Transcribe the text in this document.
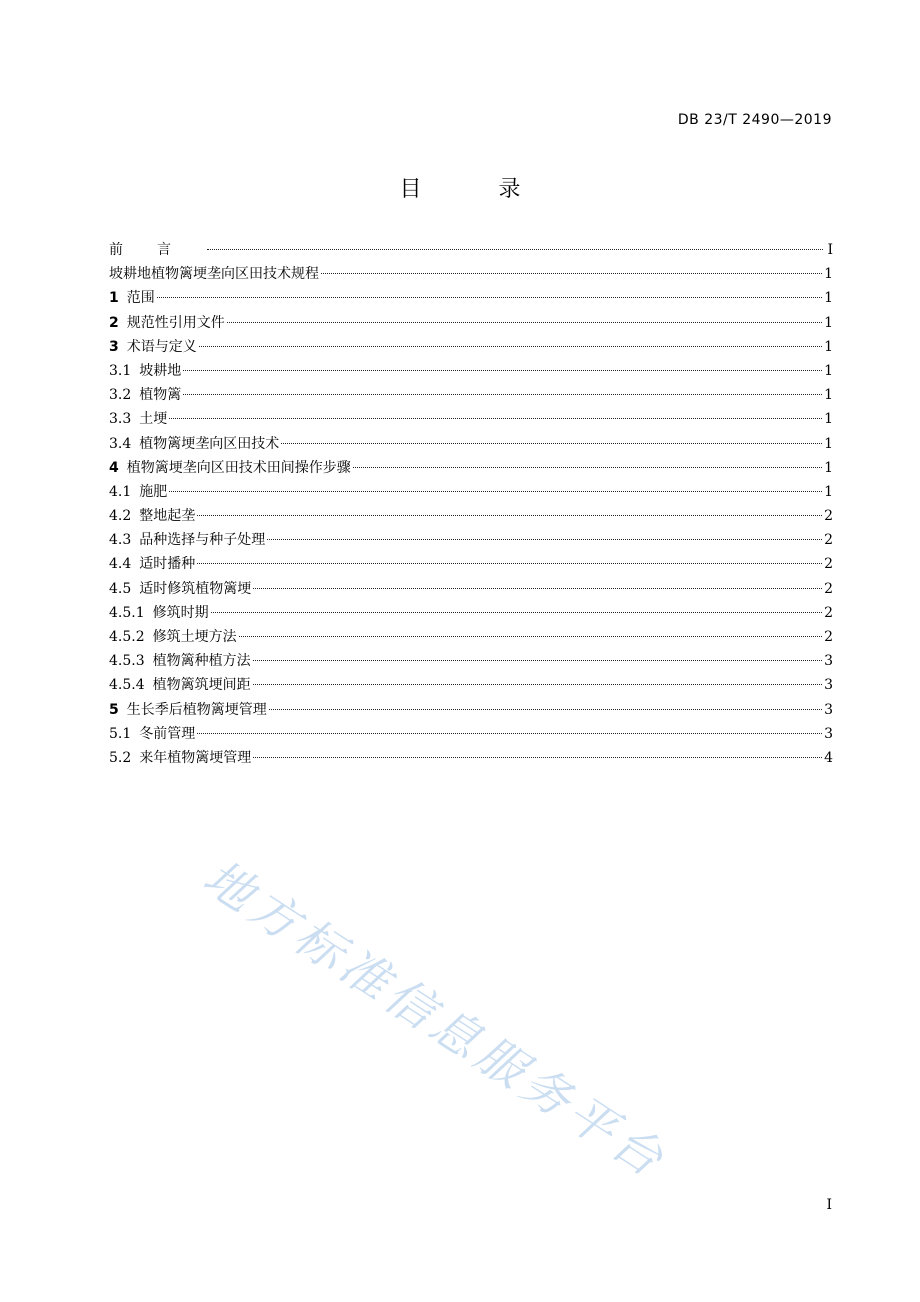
DB 23/T 2490—2019
目 录
前言	I
坡耕地植物篱埂垄向区田技术规程	1
1 范围	1
2 规范性引用文件	1
3 术语与定义	1
3.1 坡耕地	1
3.2 植物篱	1
3.3 土埂	1
3.4 植物篱埂垄向区田技术	1
4 植物篱埂垄向区田技术田间操作步骤	1
4.1 施肥	1
4.2 整地起垄	2
4.3 品种选择与种子处理	2
4.4 适时播种	2
4.5 适时修筑植物篱埂	2
4.5.1 修筑时期	2
4.5.2 修筑土埂方法	2
4.5.3 植物篱种植方法	3
4.5.4 植物篱筑埂间距	3
5 生长季后植物篱埂管理	3
5.1 冬前管理	3
5.2 来年植物篱埂管理	4
地方标准信息服务平台
I
